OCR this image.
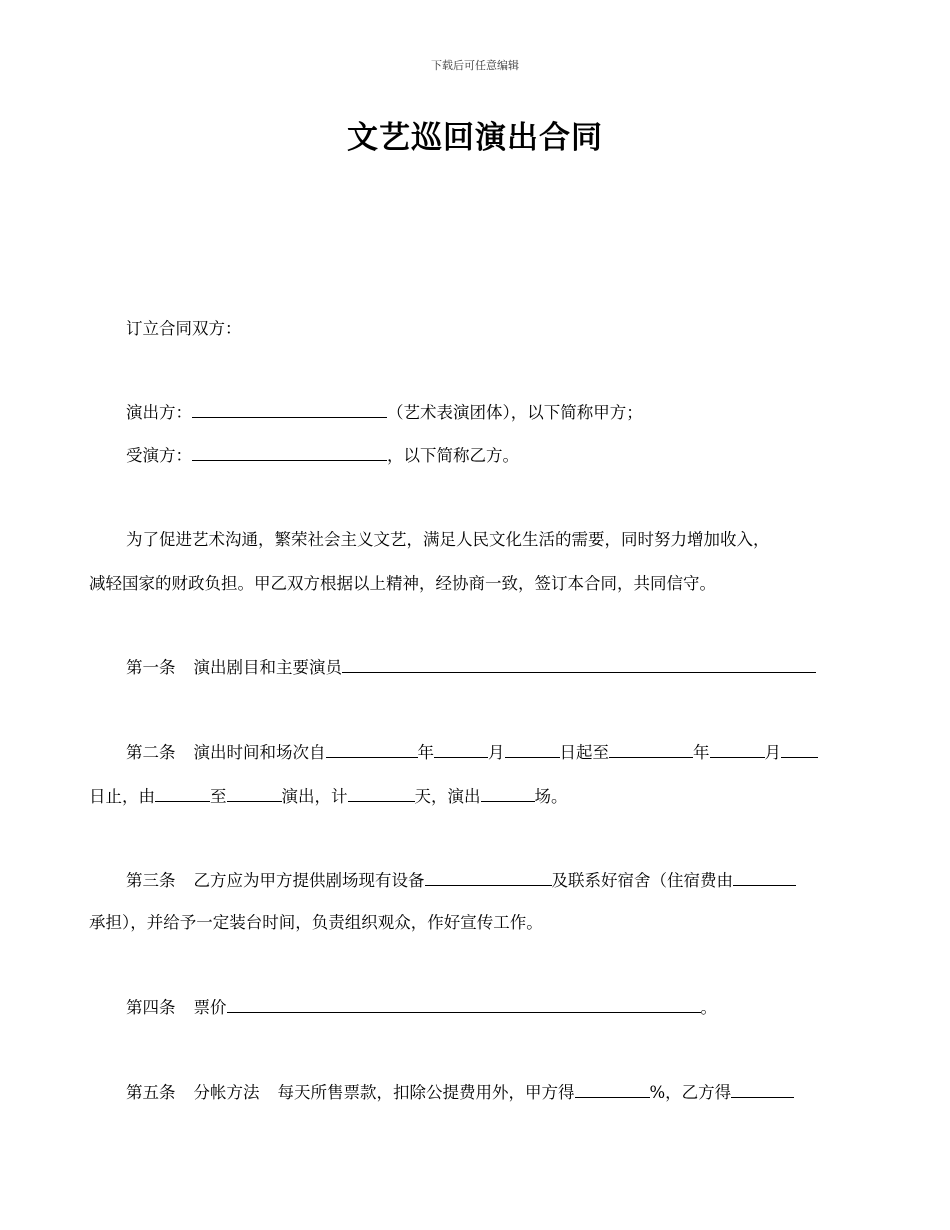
下载后可任意编辑
文艺巡回演出合同
订立合同双方：
演出方：	（艺术表演团体），以下简称甲方；
受演方：	，以下简称乙方。
为了促进艺术沟通，繁荣社会主义文艺，满足人民文化生活的需要，同时努力增加收入，
减轻国家的财政负担。甲乙双方根据以上精神，经协商一致，签订本合同，共同信守。
第一条 演出剧目和主要演员
第二条 演出时间和场次自	年	月	日起至	年	月
日止，由	至	演出，计	天，演出	场。
第三条 乙方应为甲方提供剧场现有设备	及联系好宿舍（住宿费由
承担），并给予一定装台时间，负责组织观众，作好宣传工作。
第四条 票价	。
第五条 分帐方法 每天所售票款，扣除公提费用外，甲方得	%，乙方得
